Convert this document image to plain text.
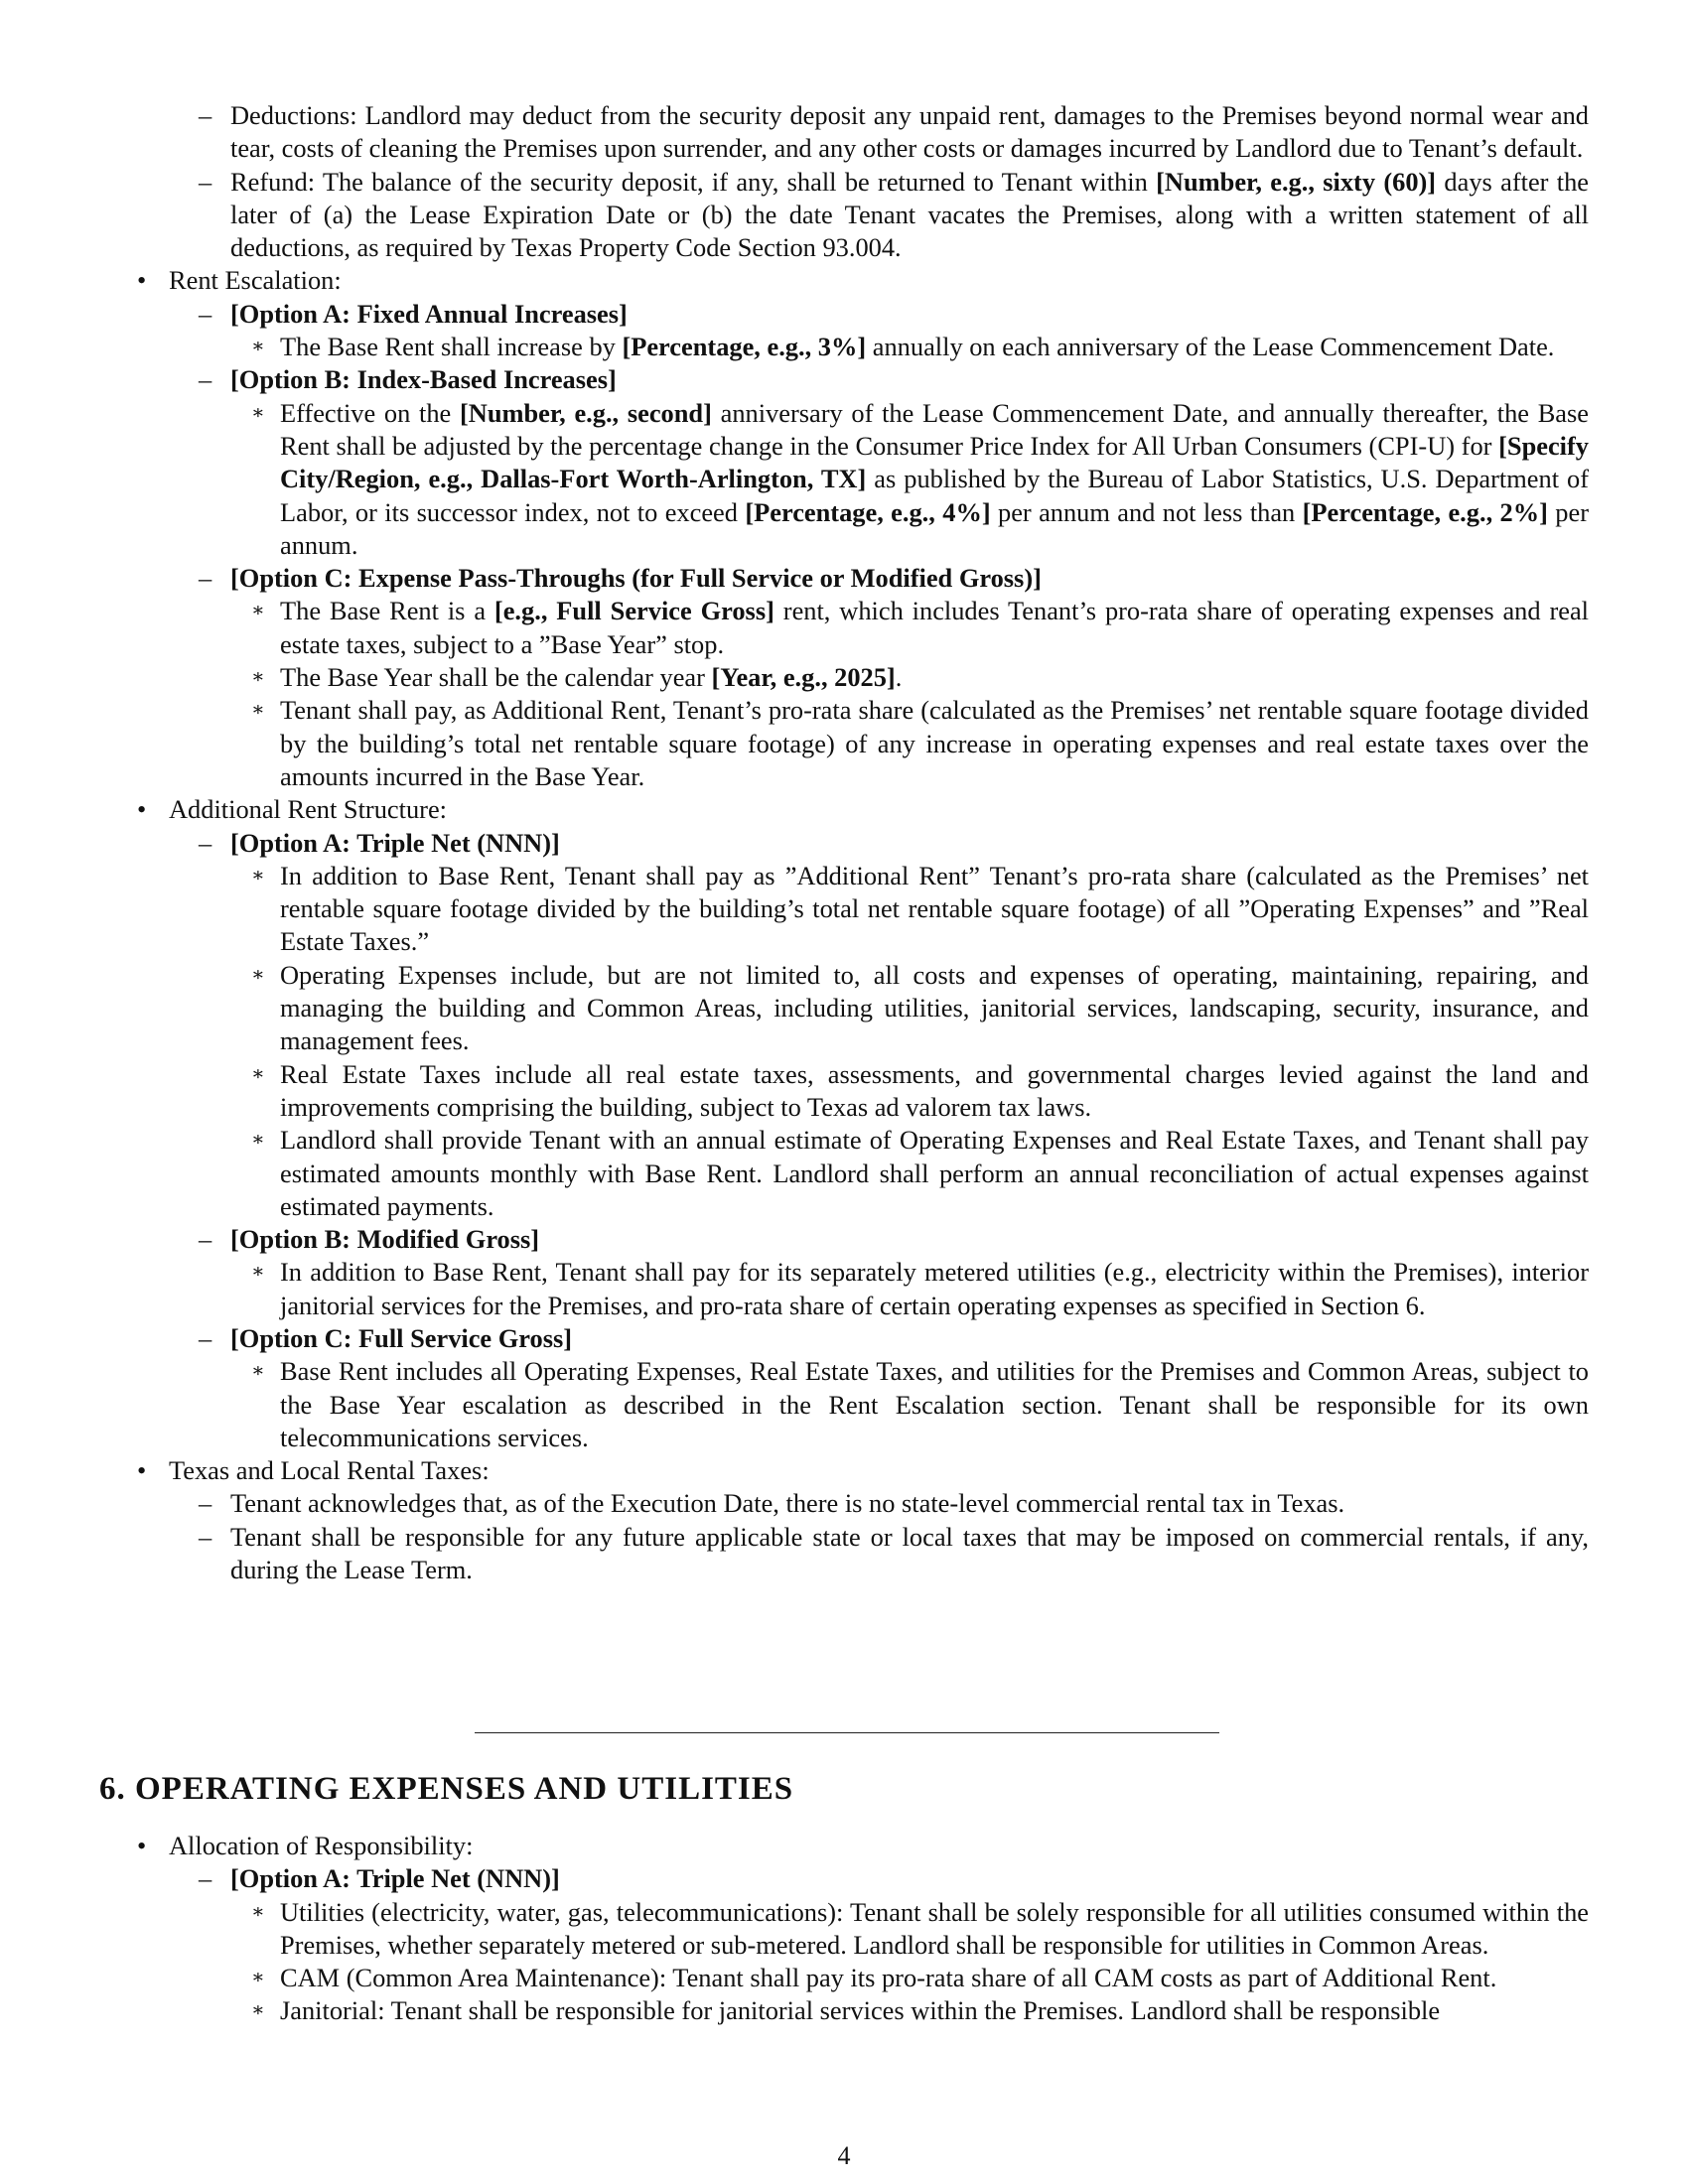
– Deductions: Landlord may deduct from the security deposit any unpaid rent, damages to the Premises beyond normal wear and tear, costs of cleaning the Premises upon surrender, and any other costs or damages incurred by Landlord due to Tenant’s default.
– Refund: The balance of the security deposit, if any, shall be returned to Tenant within [Number, e.g., sixty (60)] days after the later of (a) the Lease Expiration Date or (b) the date Tenant vacates the Premises, along with a written statement of all deductions, as required by Texas Property Code Section 93.004.
• Rent Escalation:
– [Option A: Fixed Annual Increases]
∗ The Base Rent shall increase by [Percentage, e.g., 3%] annually on each anniversary of the Lease Commencement Date.
– [Option B: Index-Based Increases]
∗ Effective on the [Number, e.g., second] anniversary of the Lease Commencement Date, and annually thereafter, the Base Rent shall be adjusted by the percentage change in the Consumer Price Index for All Urban Consumers (CPI-U) for [Specify City/Region, e.g., Dallas-Fort Worth-Arlington, TX] as published by the Bureau of Labor Statistics, U.S. Department of Labor, or its successor index, not to exceed [Percentage, e.g., 4%] per annum and not less than [Percentage, e.g., 2%] per annum.
– [Option C: Expense Pass-Throughs (for Full Service or Modified Gross)]
∗ The Base Rent is a [e.g., Full Service Gross] rent, which includes Tenant’s pro-rata share of operating expenses and real estate taxes, subject to a ”Base Year” stop.
∗ The Base Year shall be the calendar year [Year, e.g., 2025].
∗ Tenant shall pay, as Additional Rent, Tenant’s pro-rata share (calculated as the Premises’ net rentable square footage divided by the building’s total net rentable square footage) of any increase in operating expenses and real estate taxes over the amounts incurred in the Base Year.
• Additional Rent Structure:
– [Option A: Triple Net (NNN)]
∗ In addition to Base Rent, Tenant shall pay as ”Additional Rent” Tenant’s pro-rata share (calculated as the Premises’ net rentable square footage divided by the building’s total net rentable square footage) of all ”Operating Expenses” and ”Real Estate Taxes.”
∗ Operating Expenses include, but are not limited to, all costs and expenses of operating, maintaining, repairing, and managing the building and Common Areas, including utilities, janitorial services, landscaping, security, insurance, and management fees.
∗ Real Estate Taxes include all real estate taxes, assessments, and governmental charges levied against the land and improvements comprising the building, subject to Texas ad valorem tax laws.
∗ Landlord shall provide Tenant with an annual estimate of Operating Expenses and Real Estate Taxes, and Tenant shall pay estimated amounts monthly with Base Rent. Landlord shall perform an annual reconciliation of actual expenses against estimated payments.
– [Option B: Modified Gross]
∗ In addition to Base Rent, Tenant shall pay for its separately metered utilities (e.g., electricity within the Premises), interior janitorial services for the Premises, and pro-rata share of certain operating expenses as specified in Section 6.
– [Option C: Full Service Gross]
∗ Base Rent includes all Operating Expenses, Real Estate Taxes, and utilities for the Premises and Common Areas, subject to the Base Year escalation as described in the Rent Escalation section. Tenant shall be responsible for its own telecommunications services.
• Texas and Local Rental Taxes:
– Tenant acknowledges that, as of the Execution Date, there is no state-level commercial rental tax in Texas.
– Tenant shall be responsible for any future applicable state or local taxes that may be imposed on commercial rentals, if any, during the Lease Term.
6. OPERATING EXPENSES AND UTILITIES
• Allocation of Responsibility:
– [Option A: Triple Net (NNN)]
∗ Utilities (electricity, water, gas, telecommunications): Tenant shall be solely responsible for all utilities consumed within the Premises, whether separately metered or sub-metered. Landlord shall be responsible for utilities in Common Areas.
∗ CAM (Common Area Maintenance): Tenant shall pay its pro-rata share of all CAM costs as part of Additional Rent.
∗ Janitorial: Tenant shall be responsible for janitorial services within the Premises. Landlord shall be responsible
4
